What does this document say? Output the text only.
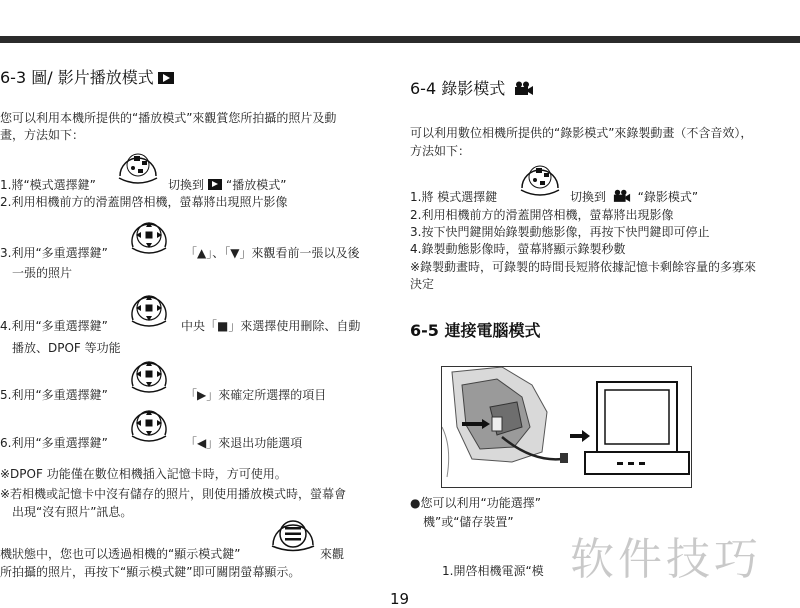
6-3 圖/ 影片播放模式
您可以利用本機所提供的“播放模式”來觀賞您所拍攝的照片及動
畫，方法如下：
1.將“模式選擇鍵”	切換到 “播放模式”
2.利用相機前方的滑蓋開啓相機，螢幕將出現照片影像
3.利用“多重選擇鍵”	「▲」、「▼」來觀看前一張以及後
一張的照片
4.利用“多重選擇鍵”	中央「■」來選擇使用刪除、自動
播放、DPOF 等功能
5.利用“多重選擇鍵”	「▶」來確定所選擇的項目
6.利用“多重選擇鍵”	「◀」來退出功能選項
※DPOF 功能僅在數位相機插入記憶卡時，方可使用。
※若相機或記憶卡中沒有儲存的照片，則使用播放模式時，螢幕會
出現“沒有照片”訊息。
機狀態中，您也可以透過相機的“顯示模式鍵”	來觀
所拍攝的照片，再按下“顯示模式鍵”即可關閉螢幕顯示。
6-4 錄影模式
可以利用數位相機所提供的“錄影模式”來錄製動畫（不含音效），
方法如下：
1.將 模式選擇鍵	切換到	“錄影模式”
2.利用相機前方的滑蓋開啓相機，螢幕將出現影像
3.按下快門鍵開始錄製動態影像，再按下快門鍵即可停止
4.錄製動態影像時，螢幕將顯示錄製秒數
※錄製動畫時，可錄製的時間長短將依據記憶卡剩餘容量的多寡來
決定
6-5 連接電腦模式
●您可以利用“功能選擇”
機”或“儲存裝置”
1.開啓相機電源“模 软件技巧
19
